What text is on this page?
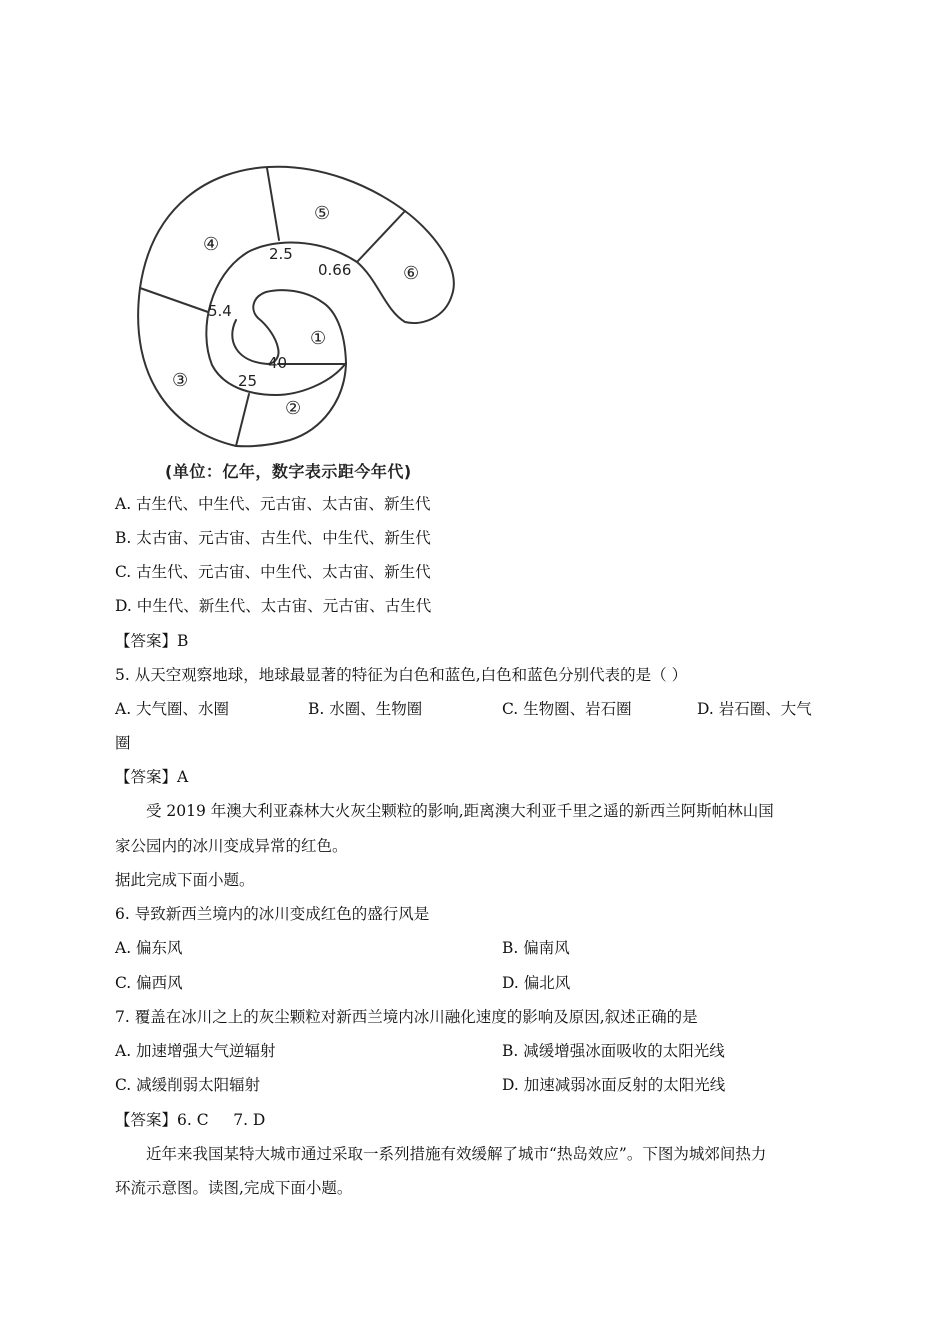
①
②
③
④
⑤
⑥
40
25
5.4
2.5
0.66
(单位：亿年，数字表示距今年代)
A. 古生代、中生代、元古宙、太古宙、新生代
B. 太古宙、元古宙、古生代、中生代、新生代
C. 古生代、元古宙、中生代、太古宙、新生代
D. 中生代、新生代、太古宙、元古宙、古生代
【答案】B
5. 从天空观察地球，地球最显著的特征为白色和蓝色,白色和蓝色分别代表的是（ ）
A. 大气圈、水圈	B. 水圈、生物圈	C. 生物圈、岩石圈	D. 岩石圈、大气
圈
【答案】A
受 2019 年澳大利亚森林大火灰尘颗粒的影响,距离澳大利亚千里之遥的新西兰阿斯帕林山国
家公园内的冰川变成异常的红色。
据此完成下面小题。
6. 导致新西兰境内的冰川变成红色的盛行风是
A. 偏东风	B. 偏南风
C. 偏西风	D. 偏北风
7. 覆盖在冰川之上的灰尘颗粒对新西兰境内冰川融化速度的影响及原因,叙述正确的是
A. 加速增强大气逆辐射	B. 减缓增强冰面吸收的太阳光线
C. 减缓削弱太阳辐射	D. 加速减弱冰面反射的太阳光线
【答案】6. C     7. D
近年来我国某特大城市通过采取一系列措施有效缓解了城市“热岛效应”。下图为城郊间热力
环流示意图。读图,完成下面小题。
